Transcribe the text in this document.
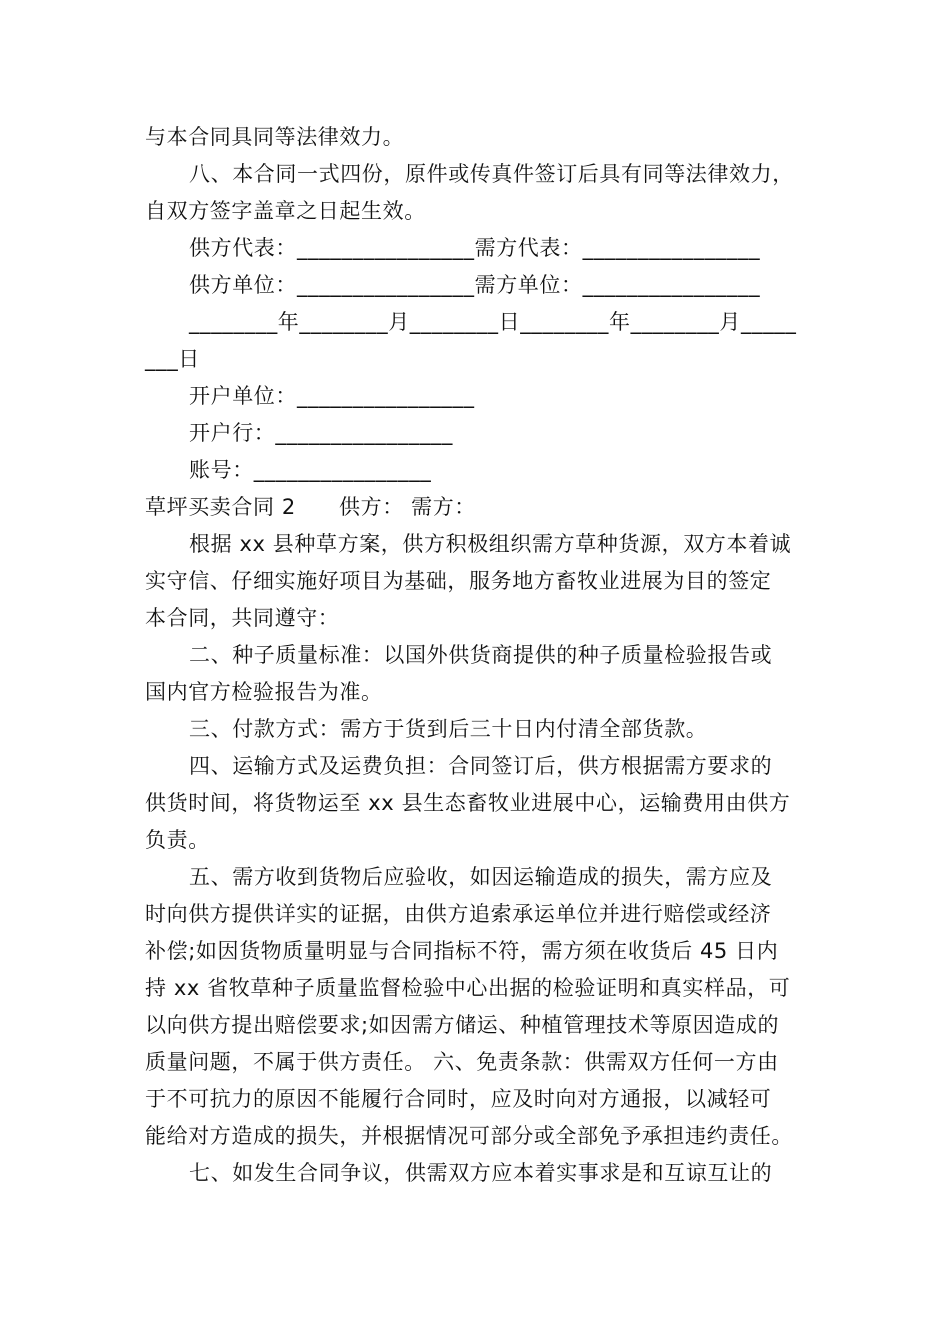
与本合同具同等法律效力。
八、本合同一式四份，原件或传真件签订后具有同等法律效力，
自双方签字盖章之日起生效。
供方代表：________________需方代表：________________
供方单位：________________需方单位：________________
________年________月________日________年________月_____
___日
开户单位：________________
开户行：________________
账号：________________
草坪买卖合同 2　　供方： 需方：
根据 xx 县种草方案，供方积极组织需方草种货源，双方本着诚
实守信、仔细实施好项目为基础，服务地方畜牧业进展为目的签定
本合同，共同遵守：
二、种子质量标准：以国外供货商提供的种子质量检验报告或
国内官方检验报告为准。
三、付款方式：需方于货到后三十日内付清全部货款。
四、运输方式及运费负担：合同签订后，供方根据需方要求的
供货时间，将货物运至 xx 县生态畜牧业进展中心，运输费用由供方
负责。
五、需方收到货物后应验收，如因运输造成的损失，需方应及
时向供方提供详实的证据，由供方追索承运单位并进行赔偿或经济
补偿;如因货物质量明显与合同指标不符，需方须在收货后 45 日内
持 xx 省牧草种子质量监督检验中心出据的检验证明和真实样品，可
以向供方提出赔偿要求;如因需方储运、种植管理技术等原因造成的
质量问题，不属于供方责任。 六、免责条款：供需双方任何一方由
于不可抗力的原因不能履行合同时，应及时向对方通报，以减轻可
能给对方造成的损失，并根据情况可部分或全部免予承担违约责任。
七、如发生合同争议，供需双方应本着实事求是和互谅互让的
